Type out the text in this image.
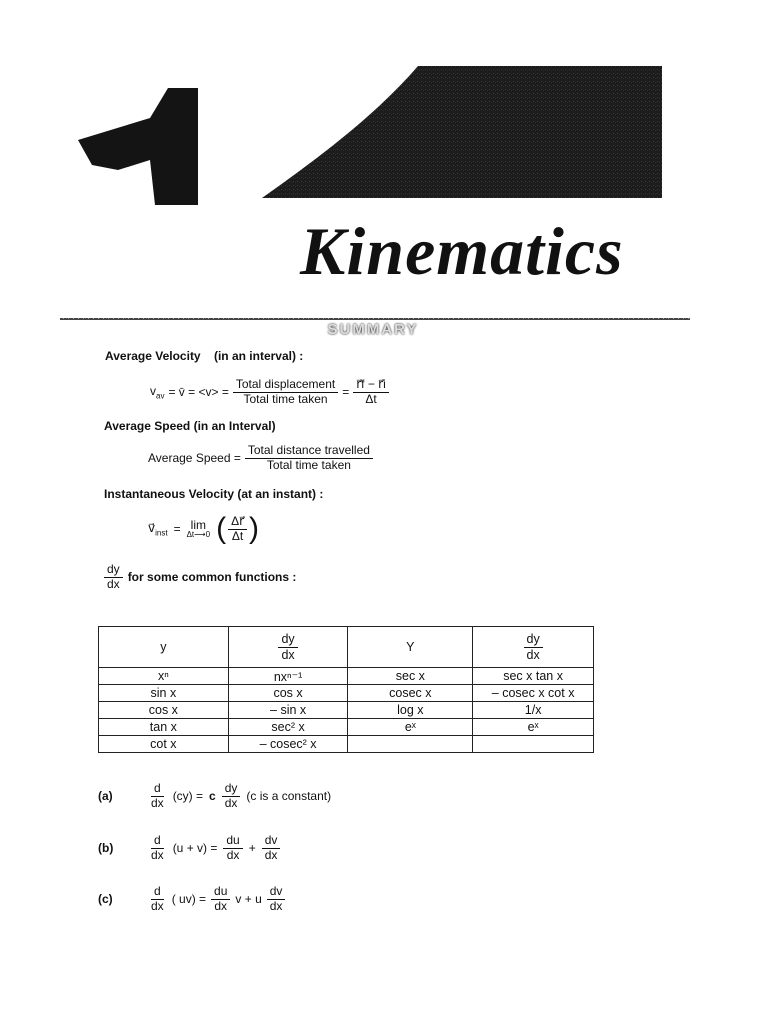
Kinematics
SUMMARY
Average Velocity (in an interval) :
$v_{av}$ = v̄ = $<v> = \frac{\text{Total displacement}}{\text{Total time taken}} = \frac{r⃗f - r⃗i}{\Delta t}$
Average Speed (in an Interval)
Average Speed = $\frac{\text{Total distance travelled}}{\text{Total time taken}}$
Instantaneous Velocity (at an instant) :
$v⃗_{inst} = \lim$
Δt⟶0 ( $\frac{\Delta r⃗}{\Delta t}$ )
$\frac{dy}{dx}$ for some common functions :
y	$\frac{dy}{dx}$	Y	$\frac{dy}{dx}$

xⁿ	nxⁿ⁻¹	sec x	sec x tan x
sin x	cos x	cosec x	– cosec x cot x
cos x	– sin x	log x	1/x
tan x	sec² x	eˣ	eˣ
cot x	– cosec² x		
(a)	$\frac{d}{dx} (cy) = c \frac{dy}{dx} (c$ is a constant)
(b)	$\frac{d}{dx} (u + v) = \frac{du}{dx} + \frac{dv}{dx}$
(c)	$\frac{d}{dx}$ ( $uv) = \frac{du}{dx}$ v + u $\frac{dv}{dx}$
